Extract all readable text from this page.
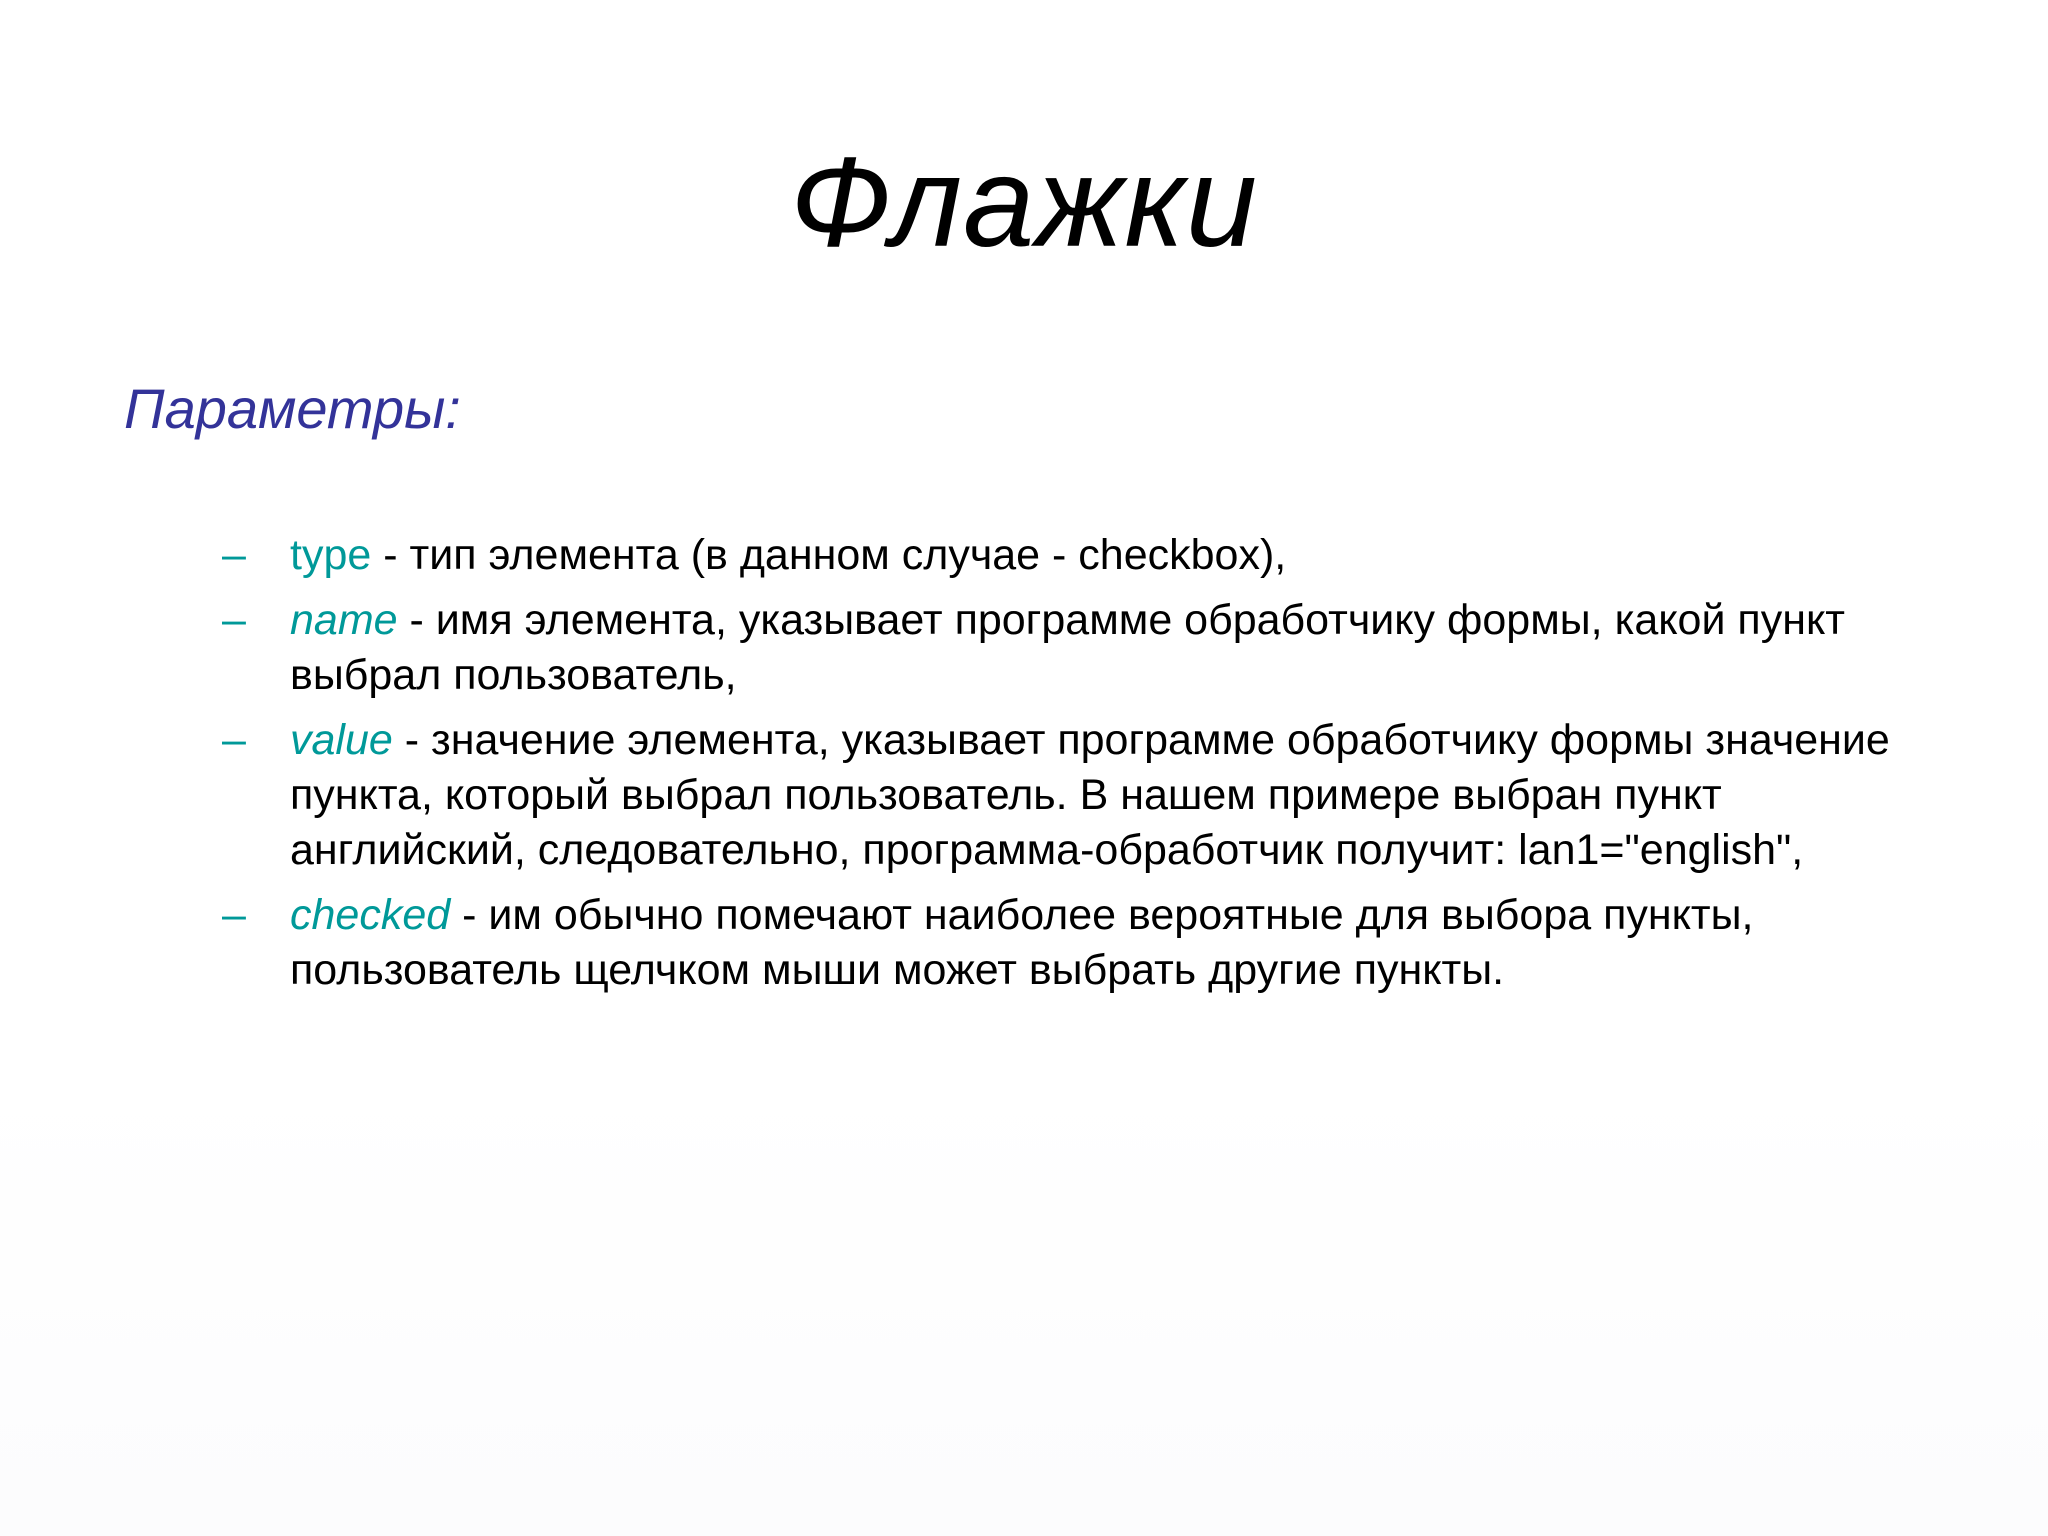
Флажки
Параметры:
– type - тип элемента (в данном случае - checkbox),
– name - имя элемента, указывает программе обработчику формы, какой пункт выбрал пользователь,
– value - значение элемента, указывает программе обработчику формы значение пункта, который выбрал пользователь. В нашем примере выбран пункт английский, следовательно, программа-обработчик получит: lan1="english",
– checked - им обычно помечают наиболее вероятные для выбора пункты, пользователь щелчком мыши может выбрать другие пункты.
